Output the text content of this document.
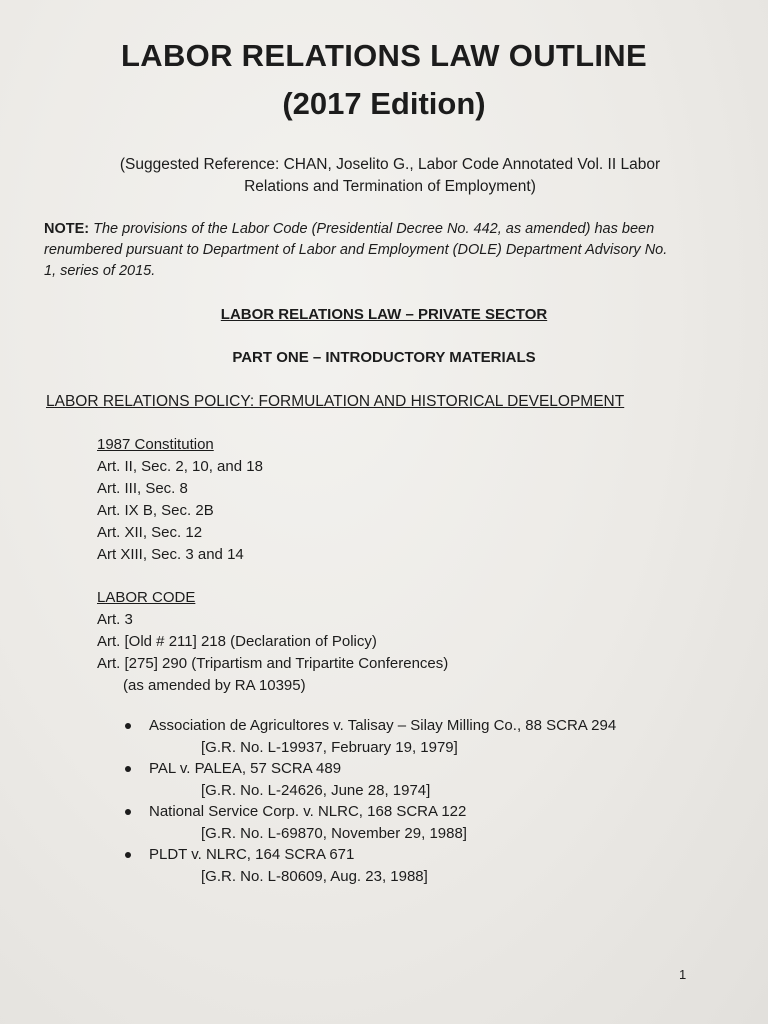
LABOR RELATIONS LAW OUTLINE
(2017 Edition)
(Suggested Reference: CHAN, Joselito G., Labor Code Annotated Vol. II Labor
Relations and Termination of Employment)
NOTE: The provisions of the Labor Code (Presidential Decree No. 442, as amended) has been
renumbered pursuant to Department of Labor and Employment (DOLE) Department Advisory No.
1, series of 2015.
LABOR RELATIONS LAW – PRIVATE SECTOR
PART ONE – INTRODUCTORY MATERIALS
LABOR RELATIONS POLICY: FORMULATION AND HISTORICAL DEVELOPMENT
1987 Constitution
Art. II, Sec. 2, 10, and 18
Art. III, Sec. 8
Art. IX B, Sec. 2B
Art. XII, Sec. 12
Art XIII, Sec. 3 and 14
LABOR CODE
Art. 3
Art. [Old # 211] 218 (Declaration of Policy)
Art. [275] 290 (Tripartism and Tripartite Conferences)
(as amended by RA 10395)
Association de Agricultores v. Talisay – Silay Milling Co., 88 SCRA 294
[G.R. No. L-19937, February 19, 1979]
PAL v. PALEA, 57 SCRA 489
[G.R. No. L-24626, June 28, 1974]
National Service Corp. v. NLRC, 168 SCRA 122
[G.R. No. L-69870, November 29, 1988]
PLDT v. NLRC, 164 SCRA 671
[G.R. No. L-80609, Aug. 23, 1988]
1
